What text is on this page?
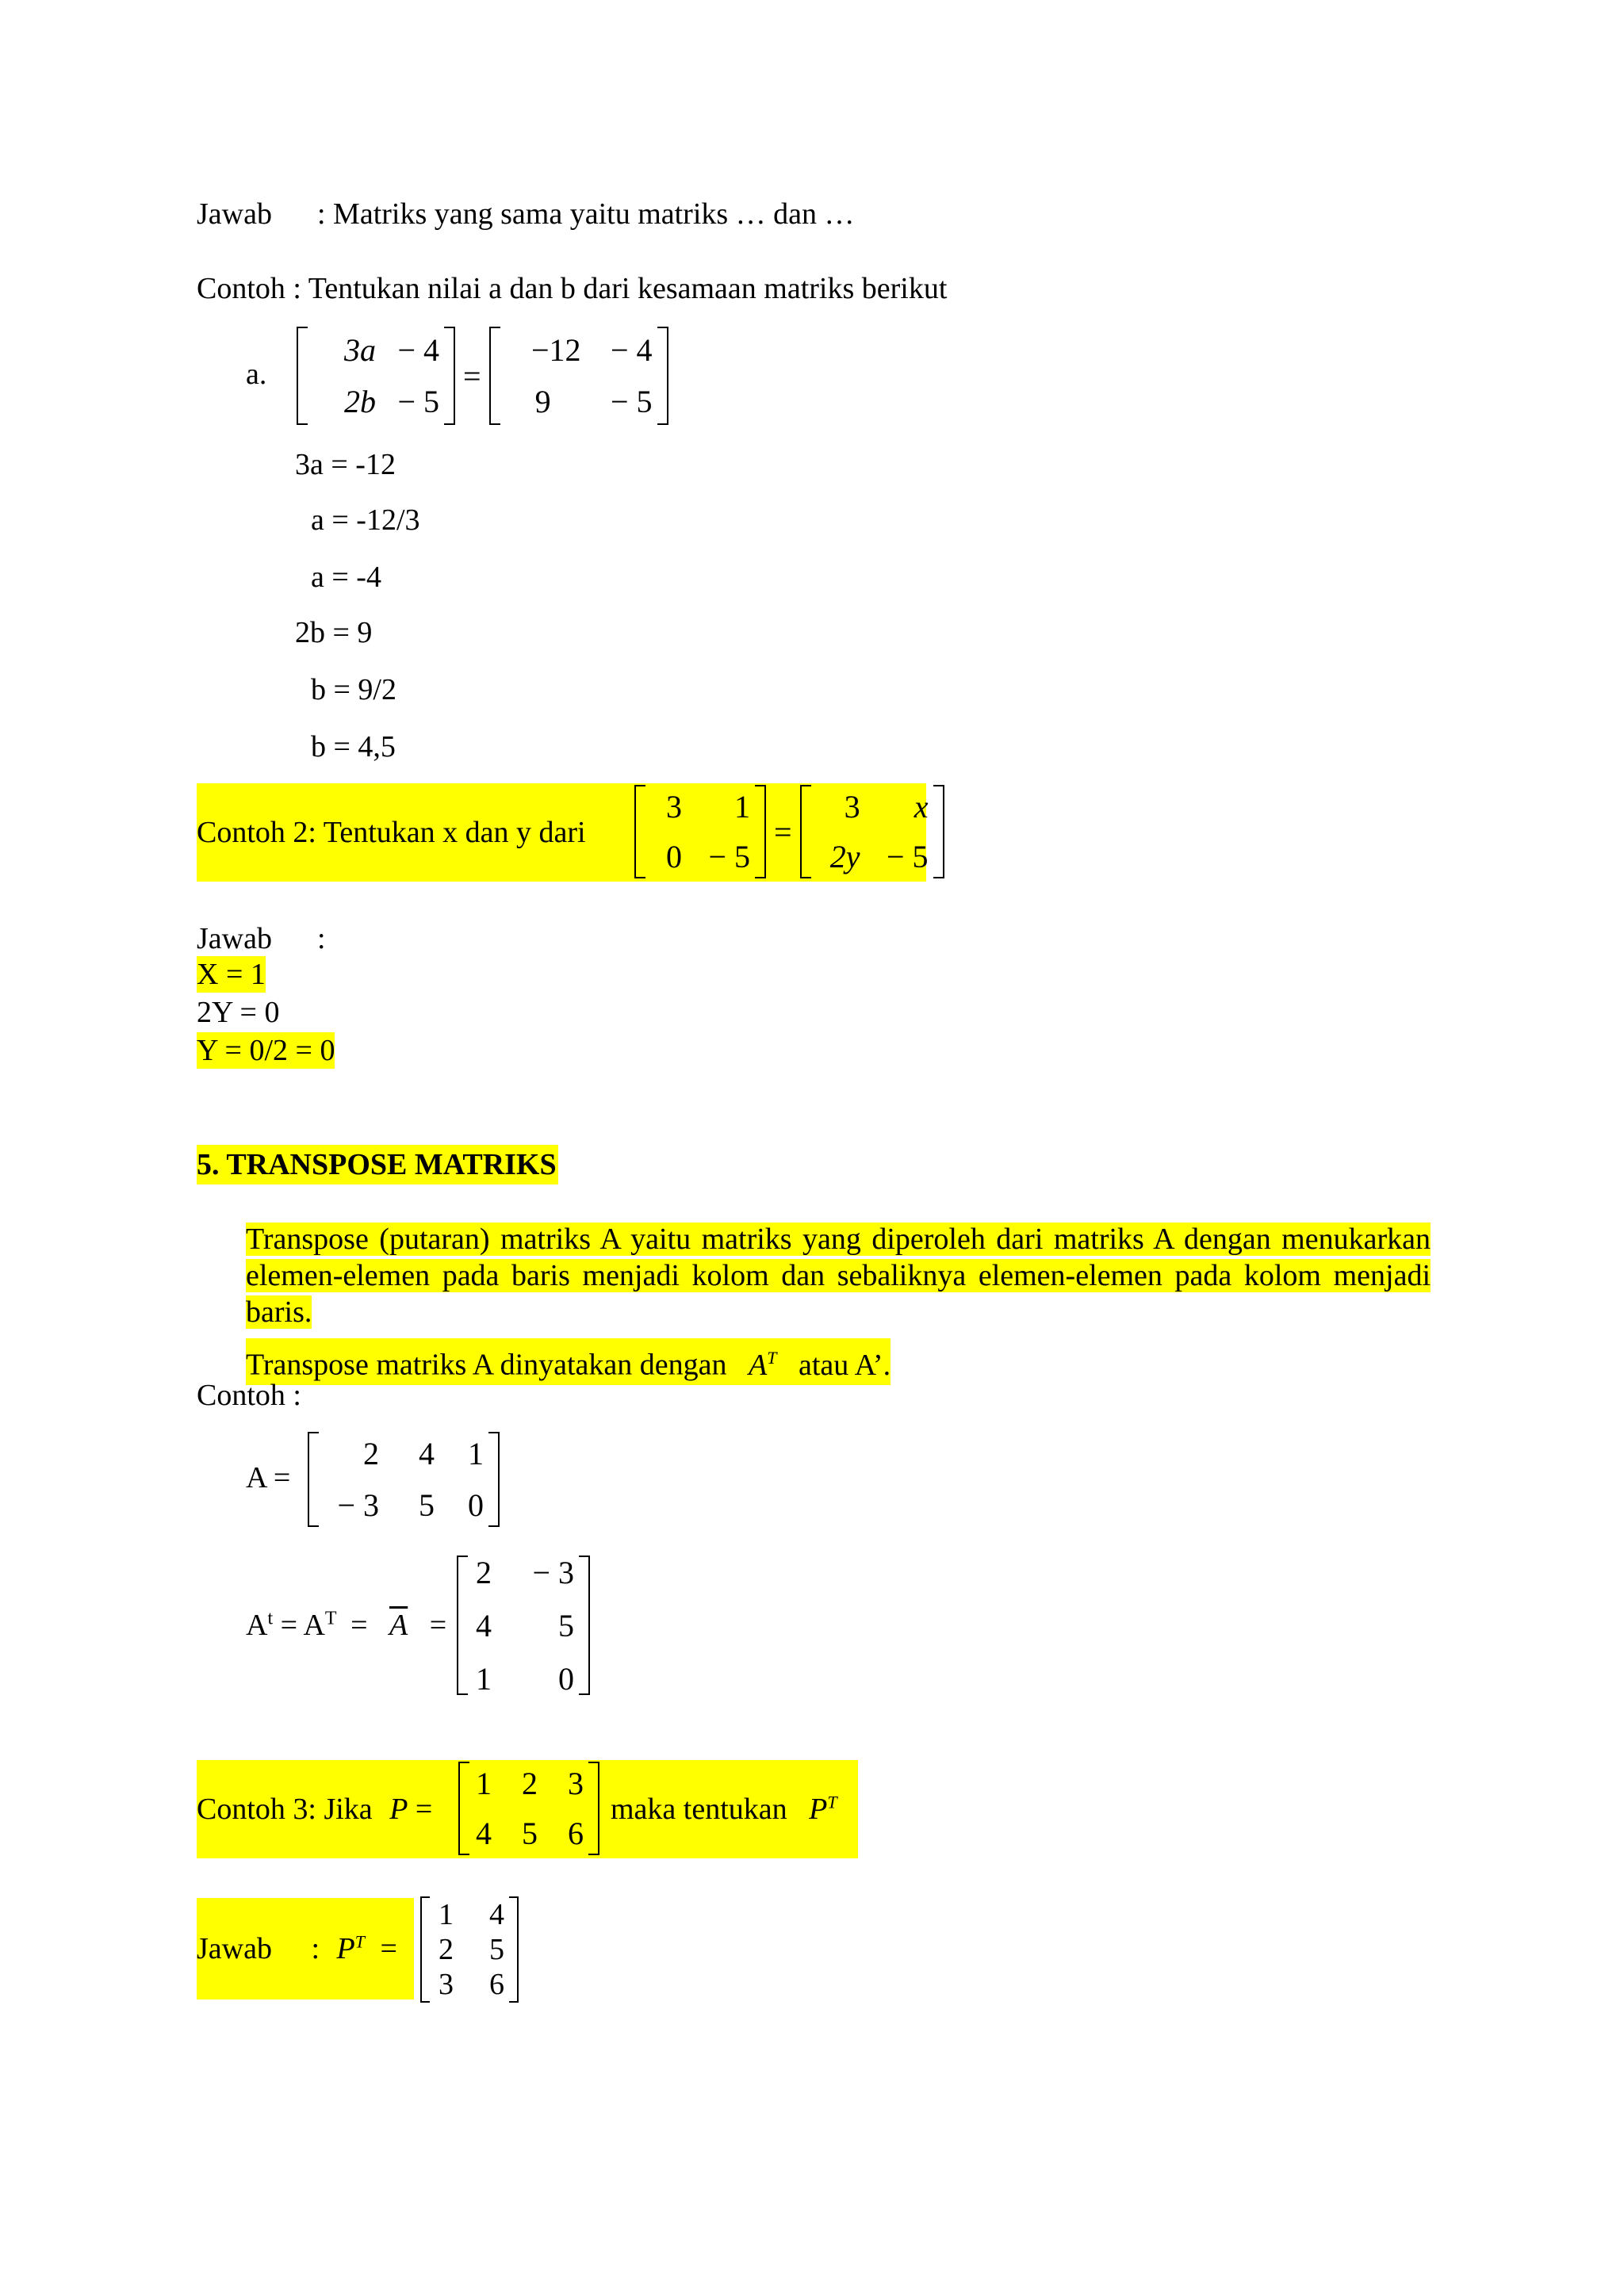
Jawab : Matriks yang sama yaitu matriks … dan …
Contoh : Tentukan nilai a dan b dari kesamaan matriks berikut
a.
3a − 4
2b − 5
=
−12 − 4
9	− 5
3a = -12
a = -12/3
a = -4
2b = 9
b = 9/2
b = 4,5
Contoh 2: Tentukan x dan y dari
3	1
0 − 5
=
3	x
2y − 5
Jawab :
X = 1
2Y = 0
Y = 0/2 = 0
5. TRANSPOSE MATRIKS
Transpose (putaran) matriks A yaitu matriks yang diperoleh dari matriks A dengan menukarkan elemen-elemen pada baris menjadi kolom dan sebaliknya elemen-elemen pada kolom menjadi baris.
Transpose matriks A dinyatakan dengan $A^T$ atau A’.
Contoh :
A =
2	4	1
− 3	5	0
$A^t = A^T = \overline{A}$ =
2	− 3
4	5
1	0
Contoh 3: Jika P =
1 2 3
4 5 6
maka tentukan $P^T$
Jawab : $P^T$ =
1	4
2	5
3	6
